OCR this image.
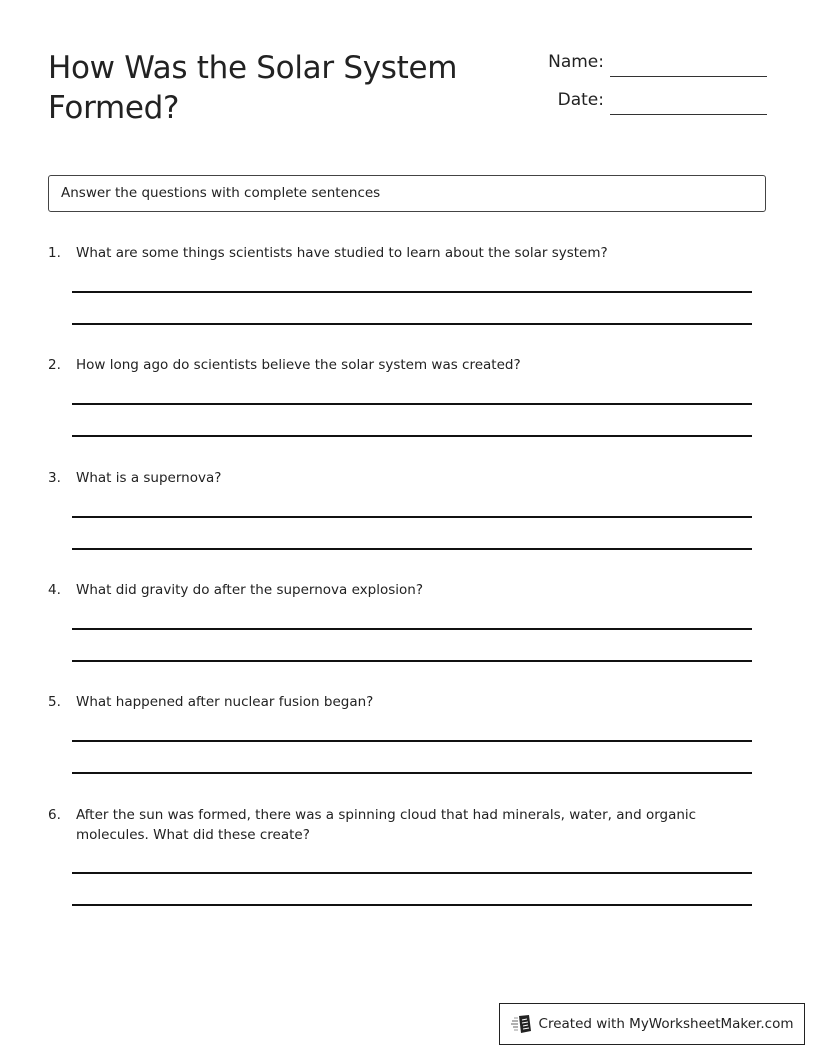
How Was the Solar System Formed?
Name:
Date:
Answer the questions with complete sentences
1. What are some things scientists have studied to learn about the solar system?
2. How long ago do scientists believe the solar system was created?
3. What is a supernova?
4. What did gravity do after the supernova explosion?
5. What happened after nuclear fusion began?
6. After the sun was formed, there was a spinning cloud that had minerals, water, and organic molecules. What did these create?
Created with MyWorksheetMaker.com
